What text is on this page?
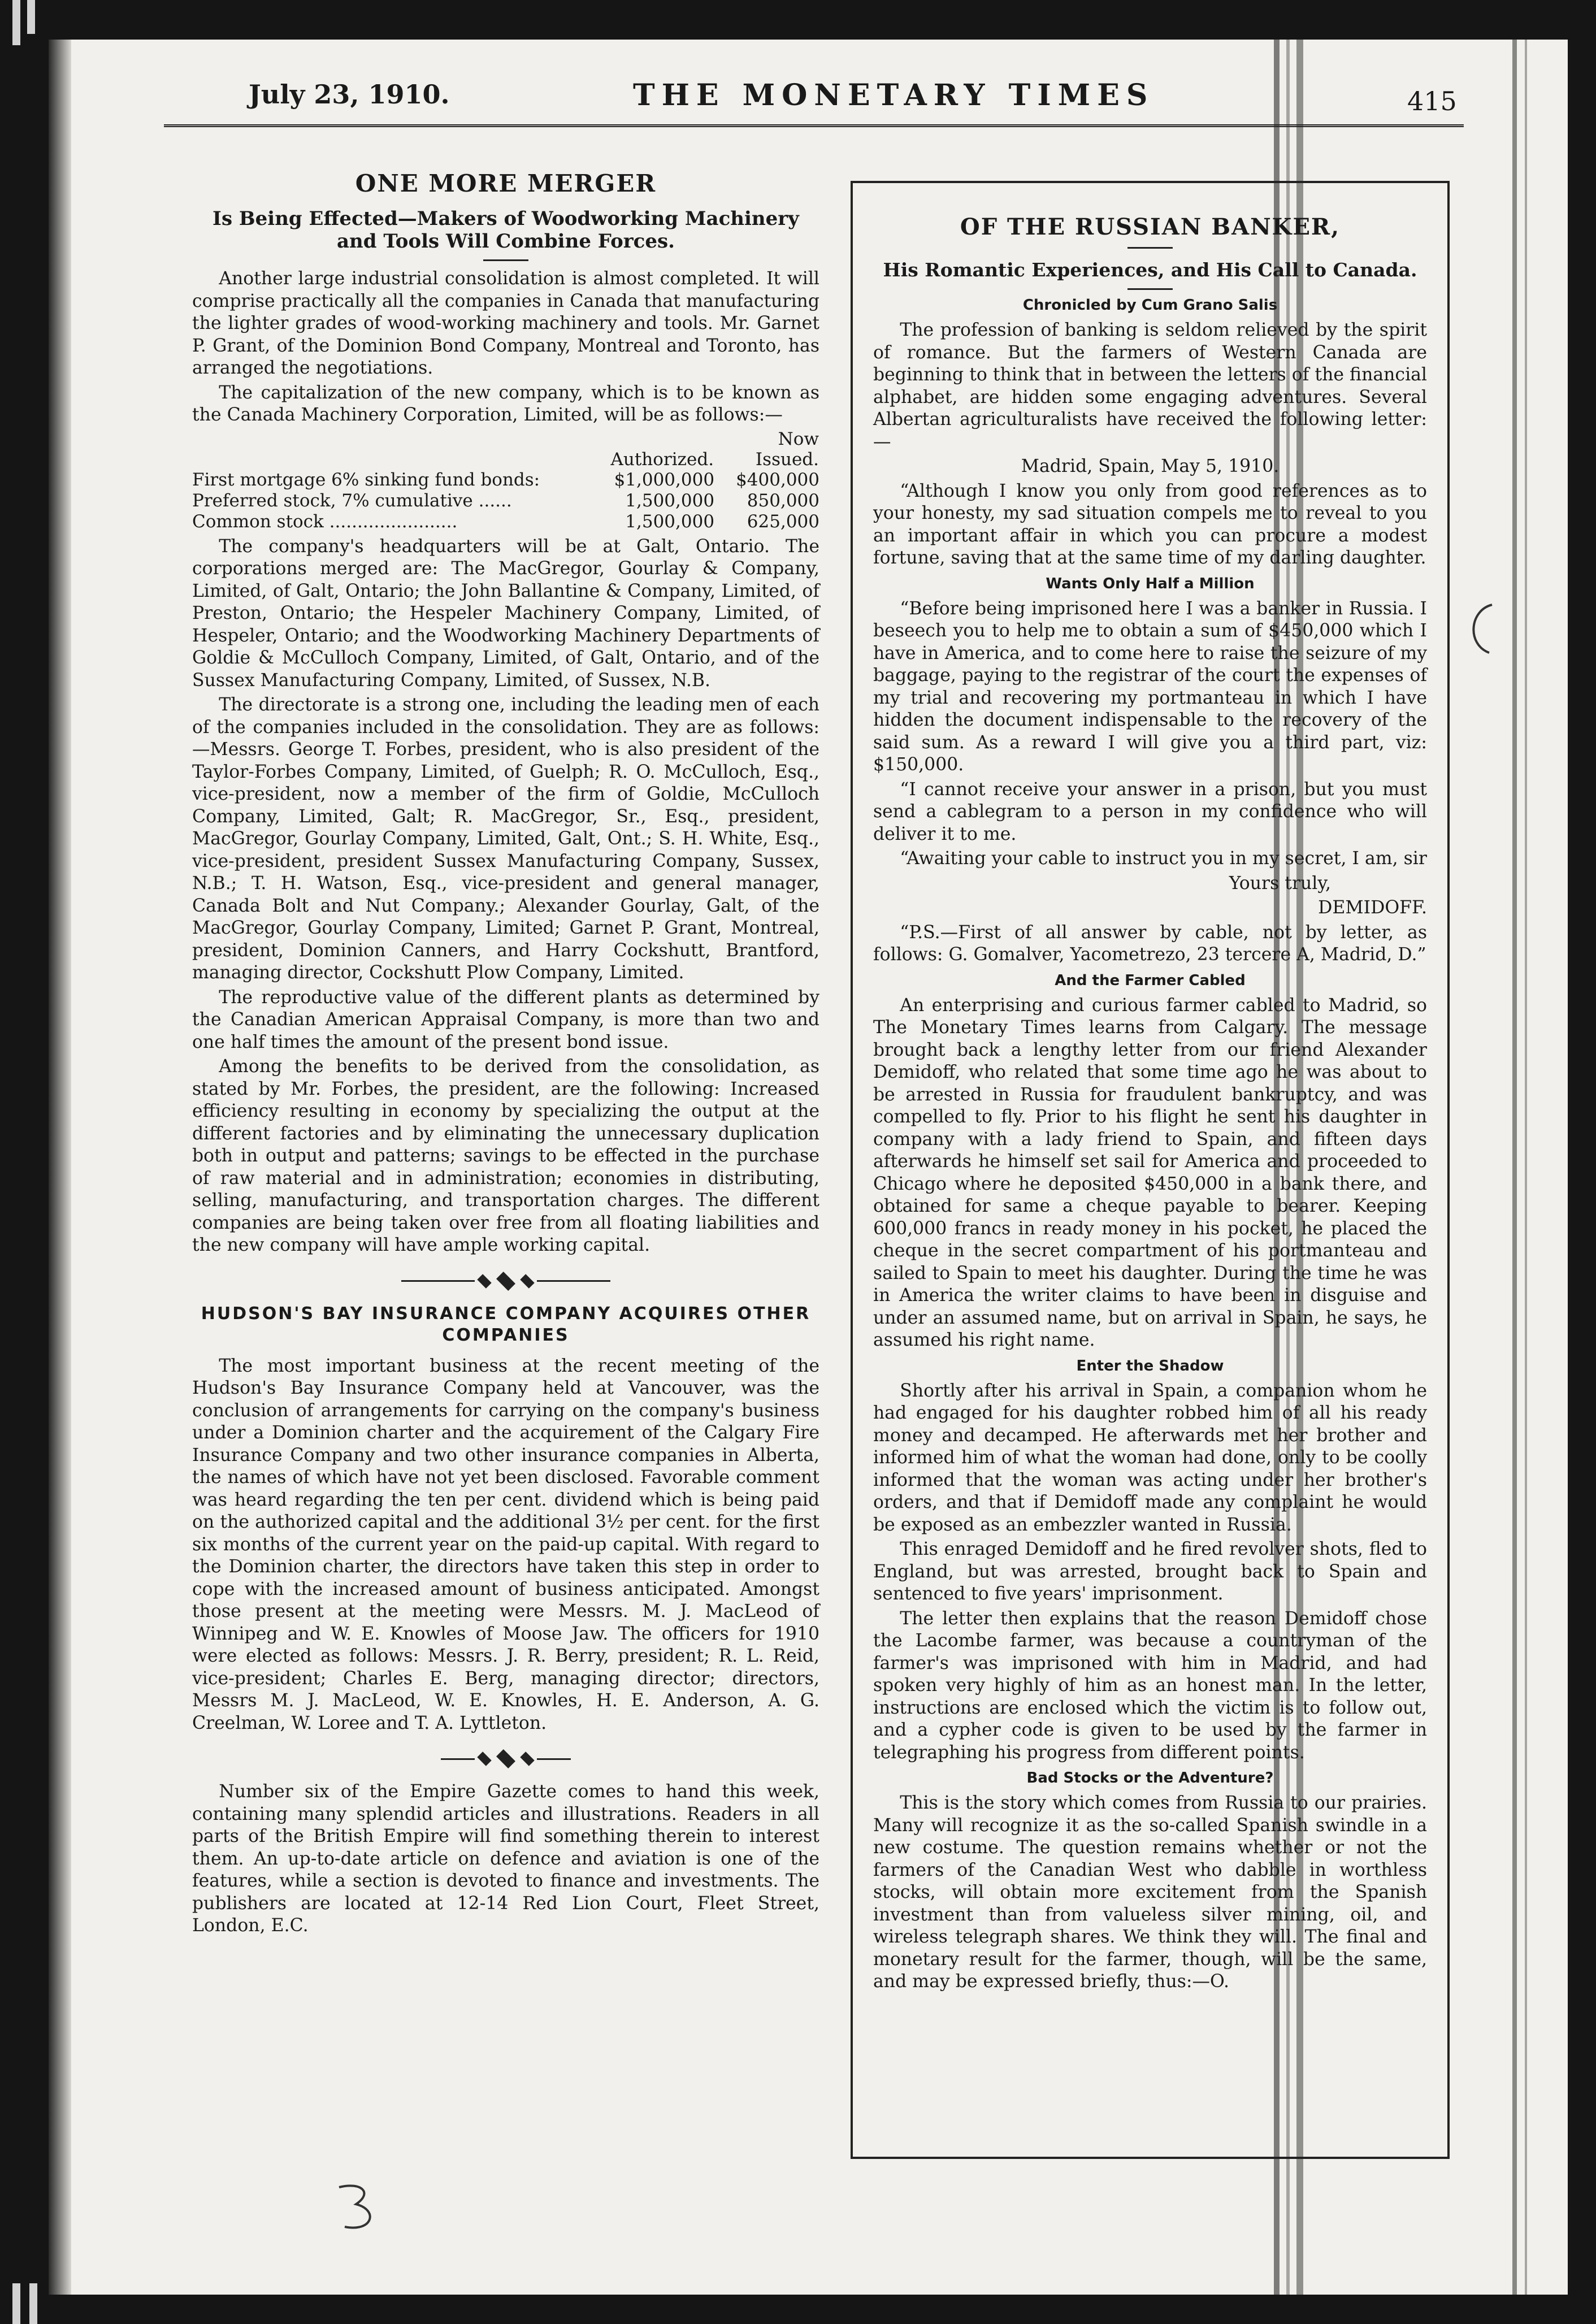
July 23, 1910.	THE MONETARY TIMES	415
ONE MORE MERGER
Is Being Effected—Makers of Woodworking Machinery and Tools Will Combine Forces.

Another large industrial consolidation is almost completed. It will comprise practically all the companies in Canada that manufacturing the lighter grades of wood-working machinery and tools. Mr. Garnet P. Grant, of the Dominion Bond Company, Montreal and Toronto, has arranged the negotiations.

The capitalization of the new company, which is to be known as the Canada Machinery Corporation, Limited, will be as follows:—

		Now
	Authorized.	Issued.
First mortgage 6% sinking fund bonds:	$1,000,000	$400,000
Preferred stock, 7% cumulative ......	1,500,000	850,000
Common stock .......................	1,500,000	625,000

The company's headquarters will be at Galt, Ontario. The corporations merged are: The MacGregor, Gourlay & Company, Limited, of Galt, Ontario; the John Ballantine & Company, Limited, of Preston, Ontario; the Hespeler Machinery Company, Limited, of Hespeler, Ontario; and the Woodworking Machinery Departments of Goldie & McCulloch Company, Limited, of Galt, Ontario, and of the Sussex Manufacturing Company, Limited, of Sussex, N.B.

The directorate is a strong one, including the leading men of each of the companies included in the consolidation. They are as follows:—Messrs. George T. Forbes, president, who is also president of the Taylor-Forbes Company, Limited, of Guelph; R. O. McCulloch, Esq., vice-president, now a member of the firm of Goldie, McCulloch Company, Limited, Galt; R. MacGregor, Sr., Esq., president, MacGregor, Gourlay Company, Limited, Galt, Ont.; S. H. White, Esq., vice-president, president Sussex Manufacturing Company, Sussex, N.B.; T. H. Watson, Esq., vice-president and general manager, Canada Bolt and Nut Company.; Alexander Gourlay, Galt, of the MacGregor, Gourlay Company, Limited; Garnet P. Grant, Montreal, president, Dominion Canners, and Harry Cockshutt, Brantford, managing director, Cockshutt Plow Company, Limited.

The reproductive value of the different plants as determined by the Canadian American Appraisal Company, is more than two and one half times the amount of the present bond issue.

Among the benefits to be derived from the consolidation, as stated by Mr. Forbes, the president, are the following: Increased efficiency resulting in economy by specializing the output at the different factories and by eliminating the unnecessary duplication both in output and patterns; savings to be effected in the purchase of raw material and in administration; economies in distributing, selling, manufacturing, and transportation charges. The different companies are being taken over free from all floating liabilities and the new company will have ample working capital.

HUDSON'S BAY INSURANCE COMPANY ACQUIRES OTHER COMPANIES

The most important business at the recent meeting of the Hudson's Bay Insurance Company held at Vancouver, was the conclusion of arrangements for carrying on the company's business under a Dominion charter and the acquirement of the Calgary Fire Insurance Company and two other insurance companies in Alberta, the names of which have not yet been disclosed. Favorable comment was heard regarding the ten per cent. dividend which is being paid on the authorized capital and the additional 3½ per cent. for the first six months of the current year on the paid-up capital. With regard to the Dominion charter, the directors have taken this step in order to cope with the increased amount of business anticipated. Amongst those present at the meeting were Messrs. M. J. MacLeod of Winnipeg and W. E. Knowles of Moose Jaw. The officers for 1910 were elected as follows: Messrs. J. R. Berry, president; R. L. Reid, vice-president; Charles E. Berg, managing director; directors, Messrs M. J. MacLeod, W. E. Knowles, H. E. Anderson, A. G. Creelman, W. Loree and T. A. Lyttleton.

Number six of the Empire Gazette comes to hand this week, containing many splendid articles and illustrations. Readers in all parts of the British Empire will find something therein to interest them. An up-to-date article on defence and aviation is one of the features, while a section is devoted to finance and investments. The publishers are located at 12-14 Red Lion Court, Fleet Street, London, E.C.

OF THE RUSSIAN BANKER,
His Romantic Experiences, and His Call to Canada.
Chronicled by Cum Grano Salis

The profession of banking is seldom relieved by the spirit of romance. But the farmers of Western Canada are beginning to think that in between the letters of the financial alphabet, are hidden some engaging adventures. Several Albertan agriculturalists have received the following letter:—

Madrid, Spain, May 5, 1910.

“Although I know you only from good references as to your honesty, my sad situation compels me to reveal to you an important affair in which you can procure a modest fortune, saving that at the same time of my darling daughter.

Wants Only Half a Million

“Before being imprisoned here I was a banker in Russia. I beseech you to help me to obtain a sum of $450,000 which I have in America, and to come here to raise the seizure of my baggage, paying to the registrar of the court the expenses of my trial and recovering my portmanteau in which I have hidden the document indispensable to the recovery of the said sum. As a reward I will give you a third part, viz: $150,000.

“I cannot receive your answer in a prison, but you must send a cablegram to a person in my confidence who will deliver it to me.

“Awaiting your cable to instruct you in my secret, I am, sir

Yours truly,

DEMIDOFF.

“P.S.—First of all answer by cable, not by letter, as follows: G. Gomalver, Yacometrezo, 23 tercere A, Madrid, D.”

And the Farmer Cabled

An enterprising and curious farmer cabled to Madrid, so The Monetary Times learns from Calgary. The message brought back a lengthy letter from our friend Alexander Demidoff, who related that some time ago he was about to be arrested in Russia for fraudulent bankruptcy, and was compelled to fly. Prior to his flight he sent his daughter in company with a lady friend to Spain, and fifteen days afterwards he himself set sail for America and proceeded to Chicago where he deposited $450,000 in a bank there, and obtained for same a cheque payable to bearer. Keeping 600,000 francs in ready money in his pocket, he placed the cheque in the secret compartment of his portmanteau and sailed to Spain to meet his daughter. During the time he was in America the writer claims to have been in disguise and under an assumed name, but on arrival in Spain, he says, he assumed his right name.

Enter the Shadow

Shortly after his arrival in Spain, a companion whom he had engaged for his daughter robbed him of all his ready money and decamped. He afterwards met her brother and informed him of what the woman had done, only to be coolly informed that the woman was acting under her brother's orders, and that if Demidoff made any complaint he would be exposed as an embezzler wanted in Russia.

This enraged Demidoff and he fired revolver shots, fled to England, but was arrested, brought back to Spain and sentenced to five years' imprisonment.

The letter then explains that the reason Demidoff chose the Lacombe farmer, was because a countryman of the farmer's was imprisoned with him in Madrid, and had spoken very highly of him as an honest man. In the letter, instructions are enclosed which the victim is to follow out, and a cypher code is given to be used by the farmer in telegraphing his progress from different points.

Bad Stocks or the Adventure?

This is the story which comes from Russia to our prairies. Many will recognize it as the so-called Spanish swindle in a new costume. The question remains whether or not the farmers of the Canadian West who dabble in worthless stocks, will obtain more excitement from the Spanish investment than from valueless silver mining, oil, and wireless telegraph shares. We think they will. The final and monetary result for the farmer, though, will be the same, and may be expressed briefly, thus:—O.
